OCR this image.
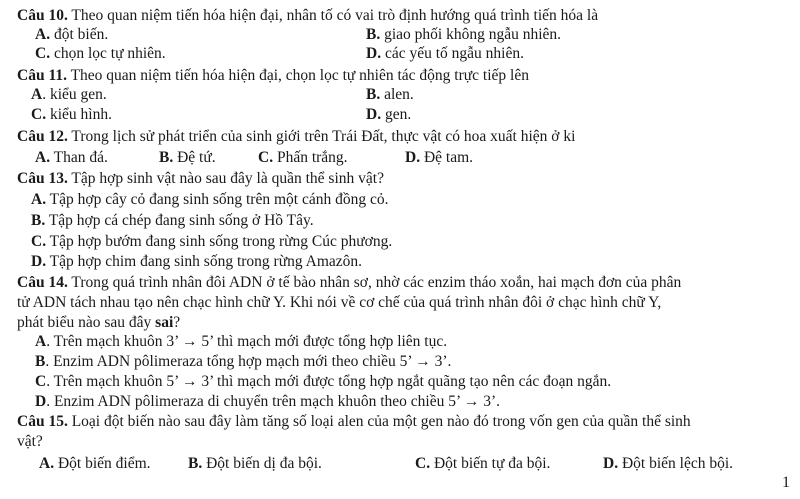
Câu 10. Theo quan niệm tiến hóa hiện đại, nhân tố có vai trò định hướng quá trình tiến hóa là
A. đột biến.	B. giao phối không ngẫu nhiên.
C. chọn lọc tự nhiên.	D. các yếu tố ngẫu nhiên.
Câu 11. Theo quan niệm tiến hóa hiện đại, chọn lọc tự nhiên tác động trực tiếp lên
A. kiểu gen.	B. alen.
C. kiểu hình.	D. gen.
Câu 12. Trong lịch sử phát triển của sinh giới trên Trái Đất, thực vật có hoa xuất hiện ở ki
A. Than đá.	B. Đệ tứ.	C. Phấn trắng.	D. Đệ tam.
Câu 13. Tập hợp sinh vật nào sau đây là quần thể sinh vật?
A. Tập hợp cây cỏ đang sinh sống trên một cánh đồng cỏ.
B. Tập hợp cá chép đang sinh sống ở Hồ Tây.
C. Tập hợp bướm đang sinh sống trong rừng Cúc phương.
D. Tập hợp chim đang sinh sống trong rừng Amazôn.
Câu 14. Trong quá trình nhân đôi ADN ở tế bào nhân sơ, nhờ các enzim tháo xoắn, hai mạch đơn của phân
tử ADN tách nhau tạo nên chạc hình chữ Y. Khi nói về cơ chế của quá trình nhân đôi ở chạc hình chữ Y,
phát biểu nào sau đây sai?
A. Trên mạch khuôn 3’ → 5’ thì mạch mới được tổng hợp liên tục.
B. Enzim ADN pôlimeraza tổng hợp mạch mới theo chiều 5’ → 3’.
C. Trên mạch khuôn 5’ → 3’ thì mạch mới được tổng hợp ngắt quãng tạo nên các đoạn ngắn.
D. Enzim ADN pôlimeraza di chuyển trên mạch khuôn theo chiều 5’ → 3’.
Câu 15. Loại đột biến nào sau đây làm tăng số loại alen của một gen nào đó trong vốn gen của quần thể sinh
vật?
A. Đột biến điểm. B. Đột biến dị đa bội.	C. Đột biến tự đa bội.	D. Đột biến lệch bội.
1
